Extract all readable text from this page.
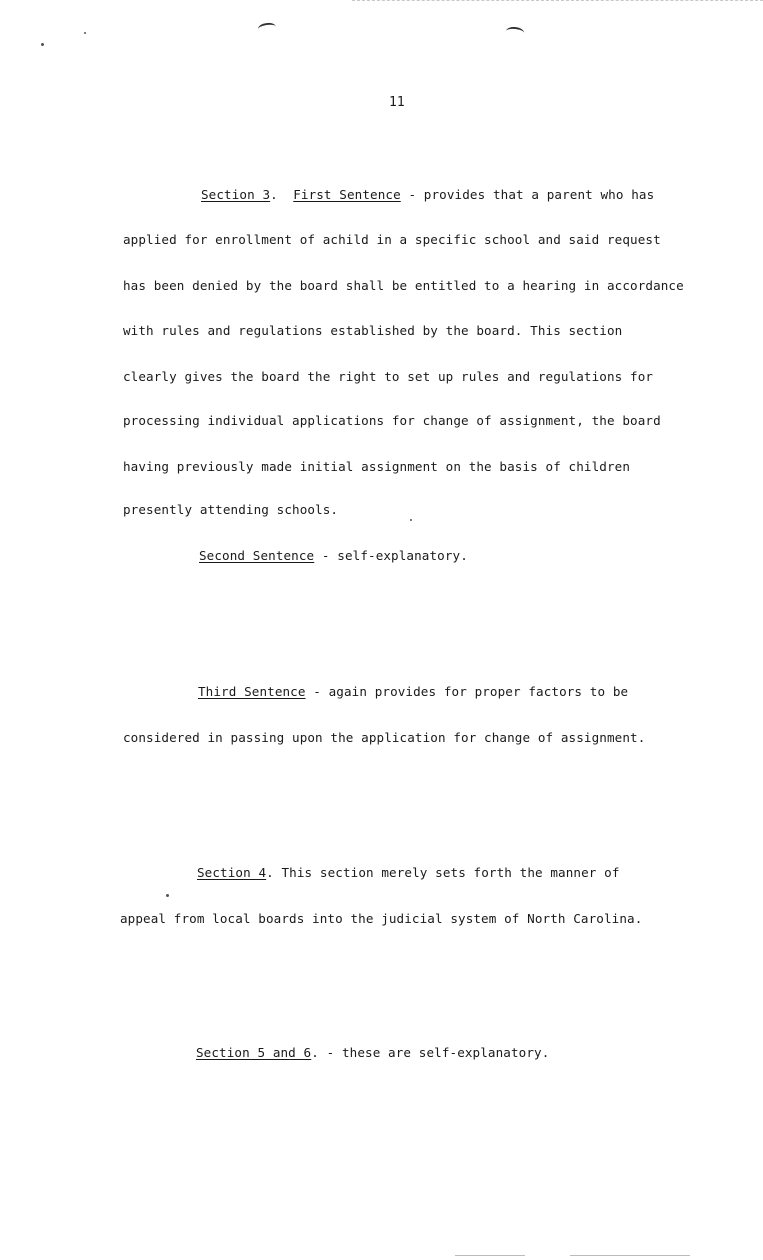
11
Section 3. First Sentence - provides that a parent who has
applied for enrollment of achild in a specific school and said request
has been denied by the board shall be entitled to a hearing in accordance
with rules and regulations established by the board. This section
clearly gives the board the right to set up rules and regulations for
processing individual applications for change of assignment, the board
having previously made initial assignment on the basis of children
presently attending schools.
Second Sentence - self-explanatory.
Third Sentence - again provides for proper factors to be
considered in passing upon the application for change of assignment.
Section 4. This section merely sets forth the manner of
appeal from local boards into the judicial system of North Carolina.
Section 5 and 6. - these are self-explanatory.
